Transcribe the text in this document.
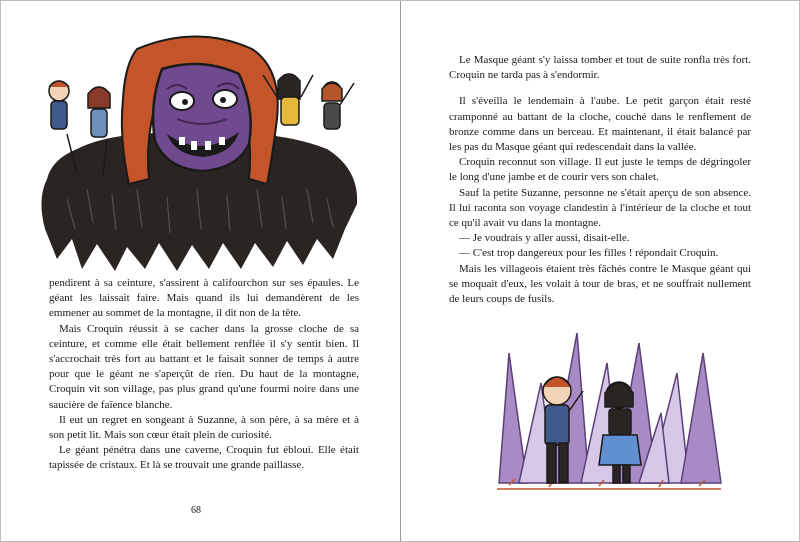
pendirent à sa ceinture, s'assirent à califourchon sur ses épaules. Le géant les laissait faire. Mais quand ils lui demandèrent de les emmener au sommet de la montagne, il dit non de la tête.

Mais Croquin réussit à se cacher dans la grosse cloche de sa ceinture, et comme elle était bellement renflée il s'y sentit bien. Il s'accrochait très fort au battant et le faisait sonner de temps à autre pour que le géant ne s'aperçût de rien. Du haut de la montagne, Croquin vit son village, pas plus grand qu'une fourmi noire dans une saucière de faïence blanche.

Il eut un regret en songeant à Suzanne, à son père, à sa mère et à son petit lit. Mais son cœur était plein de curiosité.

Le géant pénétra dans une caverne, Croquin fut ébloui. Elle était tapissée de cristaux. Et là se trouvait une grande paillasse.

68

Le Masque géant s'y laissa tomber et tout de suite ronfla très fort. Croquin ne tarda pas à s'endormir.

Il s'éveilla le lendemain à l'aube. Le petit garçon était resté cramponné au battant de la cloche, couché dans le renflement de bronze comme dans un berceau. Et maintenant, il était balancé par les pas du Masque géant qui redescendait dans la vallée.

Croquin reconnut son village. Il eut juste le temps de dégringoler le long d'une jambe et de courir vers son chalet.

Sauf la petite Suzanne, personne ne s'était aperçu de son absence. Il lui raconta son voyage clandestin à l'intérieur de la cloche et tout ce qu'il avait vu dans la montagne.

— Je voudrais y aller aussi, disait-elle.

— C'est trop dangereux pour les filles ! répondait Croquin.

Mais les villageois étaient très fâchés contre le Masque géant qui se moquait d'eux, les volait à tour de bras, et ne souffrait nullement de leurs coups de fusils.
